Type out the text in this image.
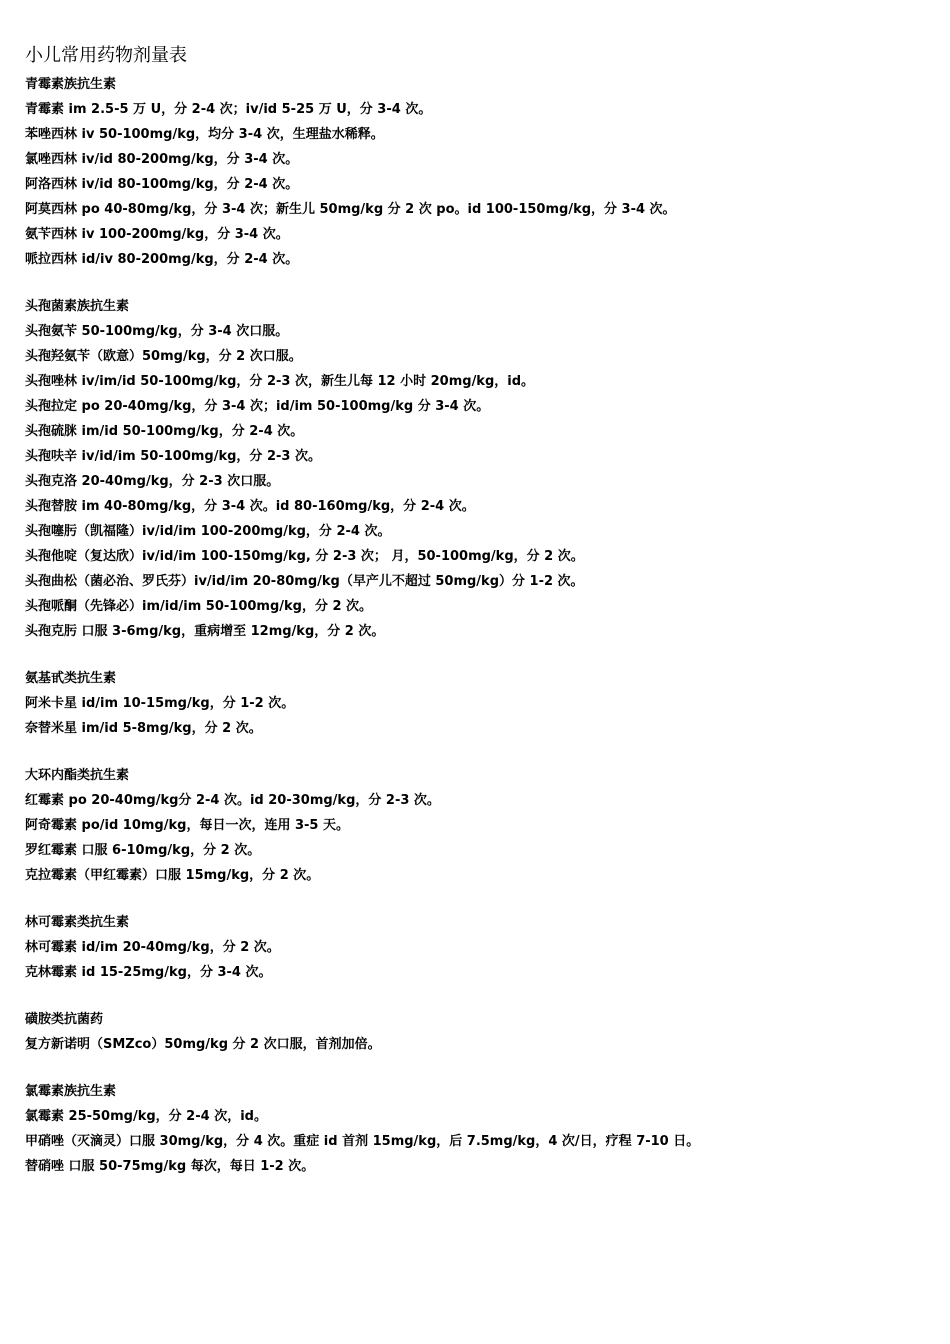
小儿常用药物剂量表
青霉素族抗生素
青霉素 im 2.5-5 万 U，分 2-4 次；iv/id 5-25 万 U，分 3-4 次。
苯唑西林 iv 50-100mg/kg，均分 3-4 次，生理盐水稀释。
氯唑西林 iv/id 80-200mg/kg，分 3-4 次。
阿洛西林 iv/id 80-100mg/kg，分 2-4 次。
阿莫西林 po 40-80mg/kg，分 3-4 次；新生儿 50mg/kg 分 2 次 po。id 100-150mg/kg，分 3-4 次。
氨苄西林 iv 100-200mg/kg，分 3-4 次。
哌拉西林 id/iv 80-200mg/kg，分 2-4 次。
头孢菌素族抗生素
头孢氨苄 50-100mg/kg，分 3-4 次口服。
头孢羟氨苄（欧意）50mg/kg，分 2 次口服。
头孢唑林 iv/im/id 50-100mg/kg，分 2-3 次，新生儿每 12 小时 20mg/kg，id。
头孢拉定 po 20-40mg/kg，分 3-4 次；id/im 50-100mg/kg 分 3-4 次。
头孢硫脒 im/id 50-100mg/kg，分 2-4 次。
头孢呋辛 iv/id/im 50-100mg/kg，分 2-3 次。
头孢克洛 20-40mg/kg，分 2-3 次口服。
头孢替胺 im 40-80mg/kg，分 3-4 次。id 80-160mg/kg，分 2-4 次。
头孢噻肟（凯福隆）iv/id/im 100-200mg/kg，分 2-4 次。
头孢他啶（复达欣）iv/id/im 100-150mg/kg, 分 2-3 次； 月，50-100mg/kg，分 2 次。
头孢曲松（菌必治、罗氏芬）iv/id/im 20-80mg/kg（早产儿不超过 50mg/kg）分 1-2 次。
头孢哌酮（先锋必）im/id/im 50-100mg/kg，分 2 次。
头孢克肟 口服 3-6mg/kg，重病增至 12mg/kg，分 2 次。
氨基甙类抗生素
阿米卡星 id/im 10-15mg/kg，分 1-2 次。
奈替米星 im/id 5-8mg/kg，分 2 次。
大环内酯类抗生素
红霉素 po 20-40mg/kg分 2-4 次。id 20-30mg/kg，分 2-3 次。
阿奇霉素 po/id 10mg/kg，每日一次，连用 3-5 天。
罗红霉素 口服 6-10mg/kg，分 2 次。
克拉霉素（甲红霉素）口服 15mg/kg，分 2 次。
林可霉素类抗生素
林可霉素 id/im 20-40mg/kg，分 2 次。
克林霉素 id 15-25mg/kg，分 3-4 次。
磺胺类抗菌药
复方新诺明（SMZco）50mg/kg 分 2 次口服，首剂加倍。
氯霉素族抗生素
氯霉素 25-50mg/kg，分 2-4 次，id。
甲硝唑（灭滴灵）口服 30mg/kg，分 4 次。重症 id 首剂 15mg/kg，后 7.5mg/kg，4 次/日，疗程 7-10 日。
替硝唑 口服 50-75mg/kg 每次，每日 1-2 次。
